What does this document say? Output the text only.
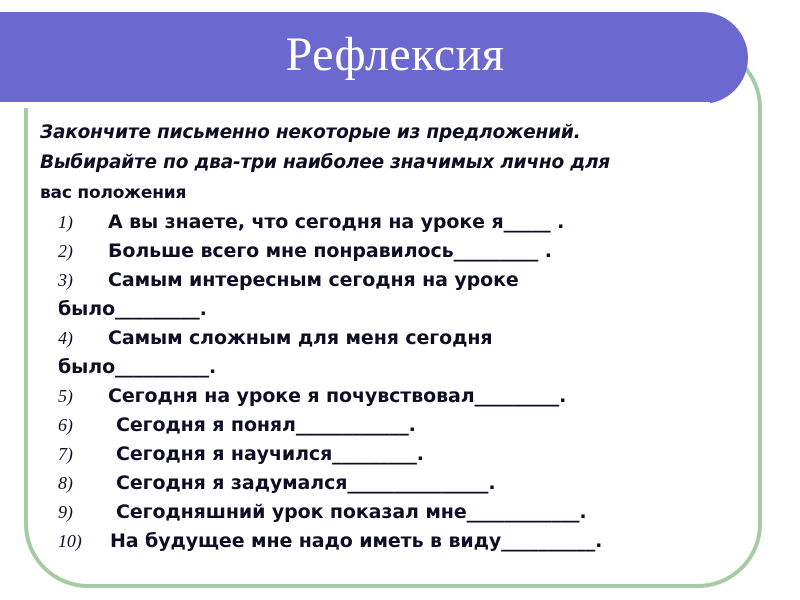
Рефлексия
Закончите письменно некоторые из предложений.
Выбирайте по два-три наиболее значимых лично для
вас положения
1) А вы знаете, что сегодня на уроке я_____ .
2) Больше всего мне понравилось_________ .
3) Самым интересным сегодня на уроке
было_________.
4) Самым сложным для меня сегодня
было__________.
5) Сегодня на уроке я почувствовал_________.
6) Сегодня я понял____________.
7) Сегодня я научился_________.
8) Сегодня я задумался_______________.
9) Сегодняшний урок показал мне____________.
10) На будущее мне надо иметь в виду__________.
